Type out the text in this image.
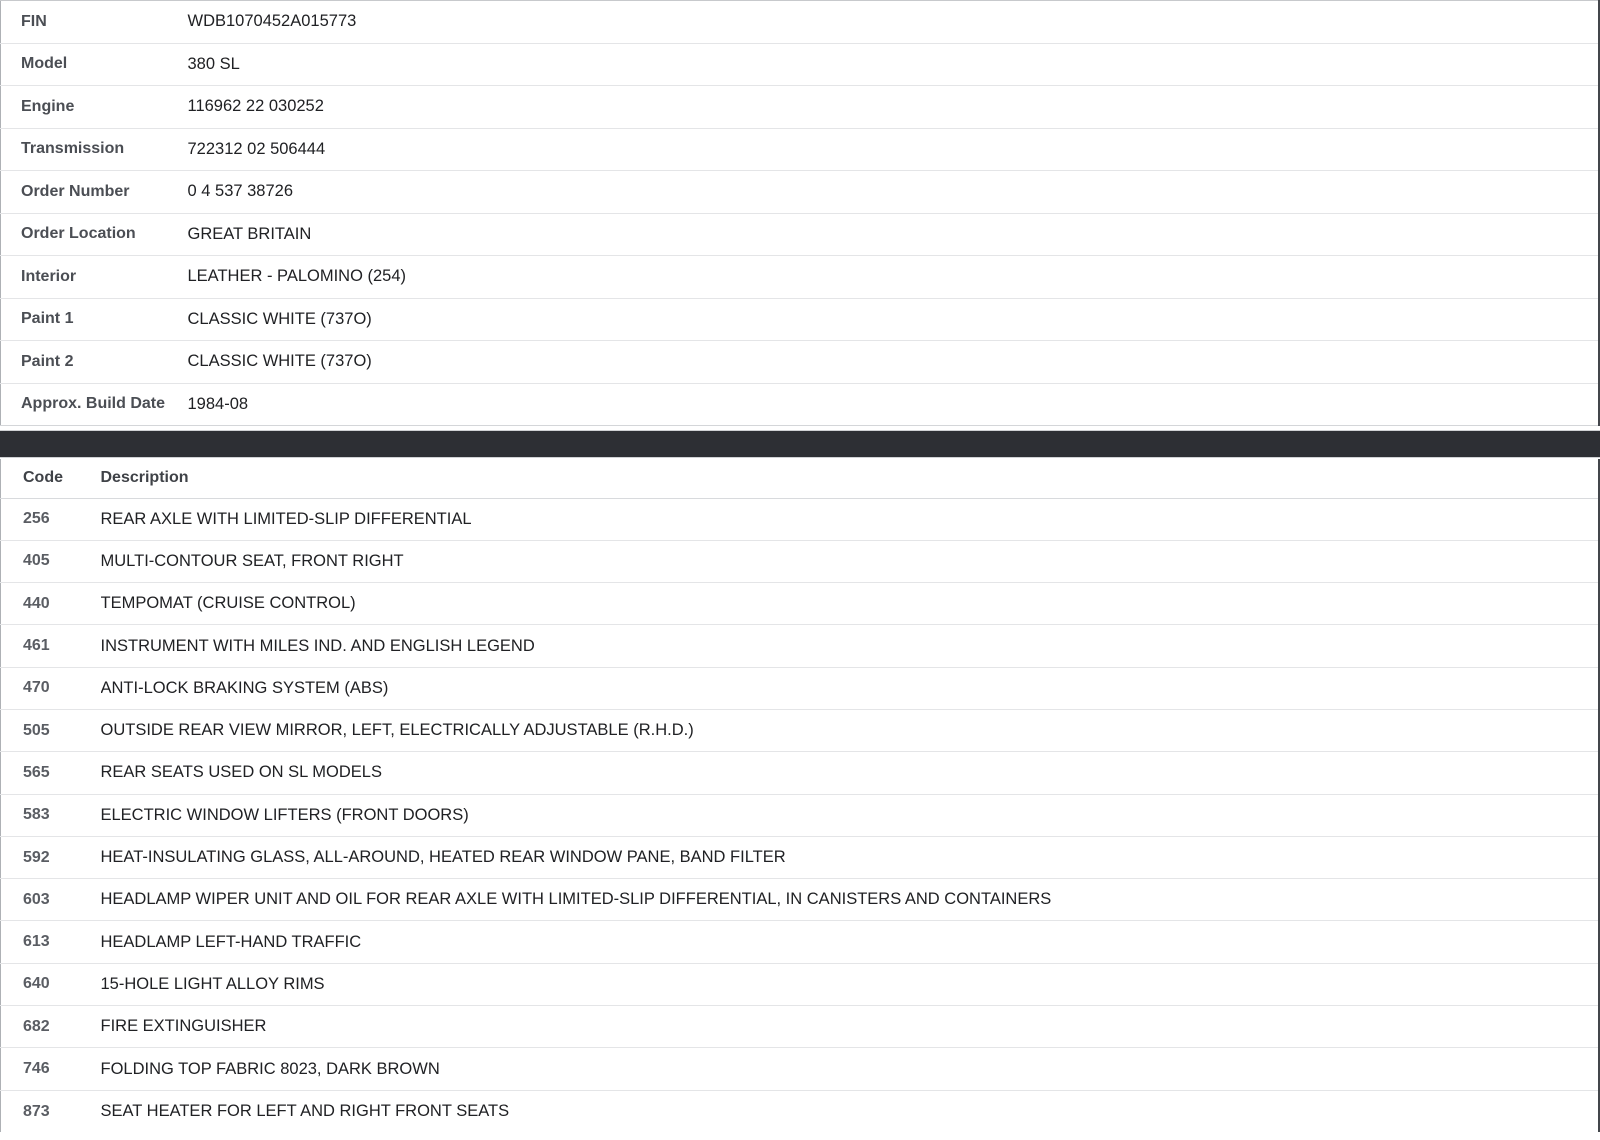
FIN	WDB1070452A015773
Model	380 SL
Engine	116962 22 030252
Transmission	722312 02 506444
Order Number	0 4 537 38726
Order Location	GREAT BRITAIN
Interior	LEATHER - PALOMINO (254)
Paint 1	CLASSIC WHITE (737O)
Paint 2	CLASSIC WHITE (737O)
Approx. Build Date	1984-08
Code	Description
256	REAR AXLE WITH LIMITED-SLIP DIFFERENTIAL
405	MULTI-CONTOUR SEAT, FRONT RIGHT
440	TEMPOMAT (CRUISE CONTROL)
461	INSTRUMENT WITH MILES IND. AND ENGLISH LEGEND
470	ANTI-LOCK BRAKING SYSTEM (ABS)
505	OUTSIDE REAR VIEW MIRROR, LEFT, ELECTRICALLY ADJUSTABLE (R.H.D.)
565	REAR SEATS USED ON SL MODELS
583	ELECTRIC WINDOW LIFTERS (FRONT DOORS)
592	HEAT-INSULATING GLASS, ALL-AROUND, HEATED REAR WINDOW PANE, BAND FILTER
603	HEADLAMP WIPER UNIT AND OIL FOR REAR AXLE WITH LIMITED-SLIP DIFFERENTIAL, IN CANISTERS AND CONTAINERS
613	HEADLAMP LEFT-HAND TRAFFIC
640	15-HOLE LIGHT ALLOY RIMS
682	FIRE EXTINGUISHER
746	FOLDING TOP FABRIC 8023, DARK BROWN
873	SEAT HEATER FOR LEFT AND RIGHT FRONT SEATS
